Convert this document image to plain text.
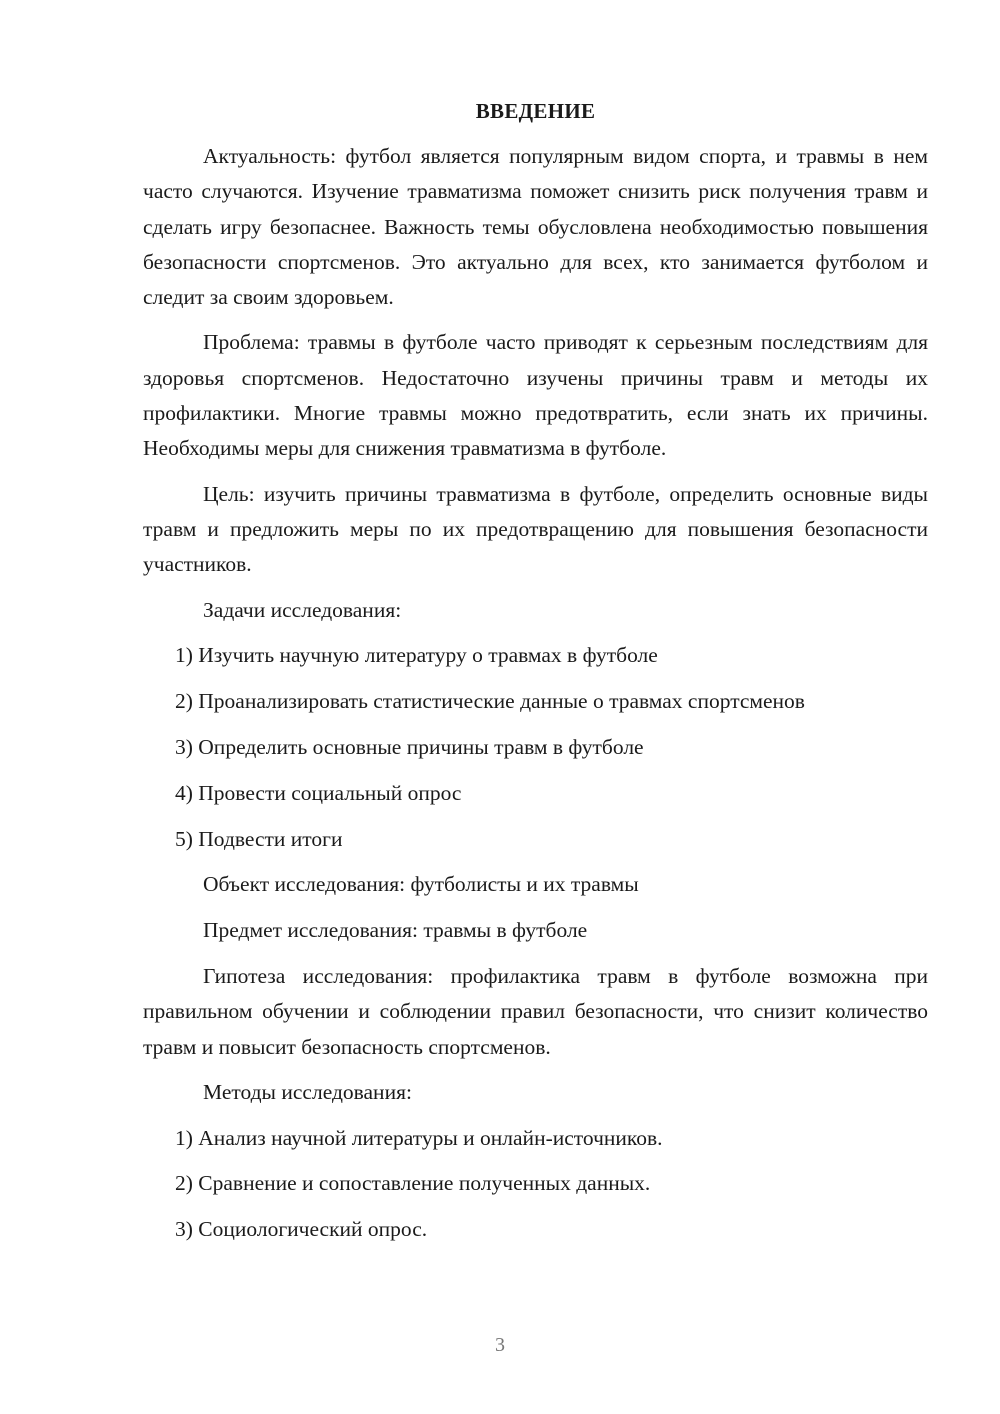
ВВЕДЕНИЕ

Актуальность: футбол является популярным видом спорта, и травмы в нем часто случаются. Изучение травматизма поможет снизить риск получения травм и сделать игру безопаснее. Важность темы обусловлена необходимостью повышения безопасности спортсменов. Это актуально для всех, кто занимается футболом и следит за своим здоровьем.

Проблема: травмы в футболе часто приводят к серьезным последствиям для здоровья спортсменов. Недостаточно изучены причины травм и методы их профилактики. Многие травмы можно предотвратить, если знать их причины. Необходимы меры для снижения травматизма в футболе.

Цель: изучить причины травматизма в футболе, определить основные виды травм и предложить меры по их предотвращению для повышения безопасности участников.

Задачи исследования:
1) Изучить научную литературу о травмах в футболе
2) Проанализировать статистические данные о травмах спортсменов
3) Определить основные причины травм в футболе
4) Провести социальный опрос
5) Подвести итоги
Объект исследования: футболисты и их травмы
Предмет исследования: травмы в футболе

Гипотеза исследования: профилактика травм в футболе возможна при правильном обучении и соблюдении правил безопасности, что снизит количество травм и повысит безопасность спортсменов.

Методы исследования:
1) Анализ научной литературы и онлайн-источников.
2) Сравнение и сопоставление полученных данных.
3) Социологический опрос.
3
